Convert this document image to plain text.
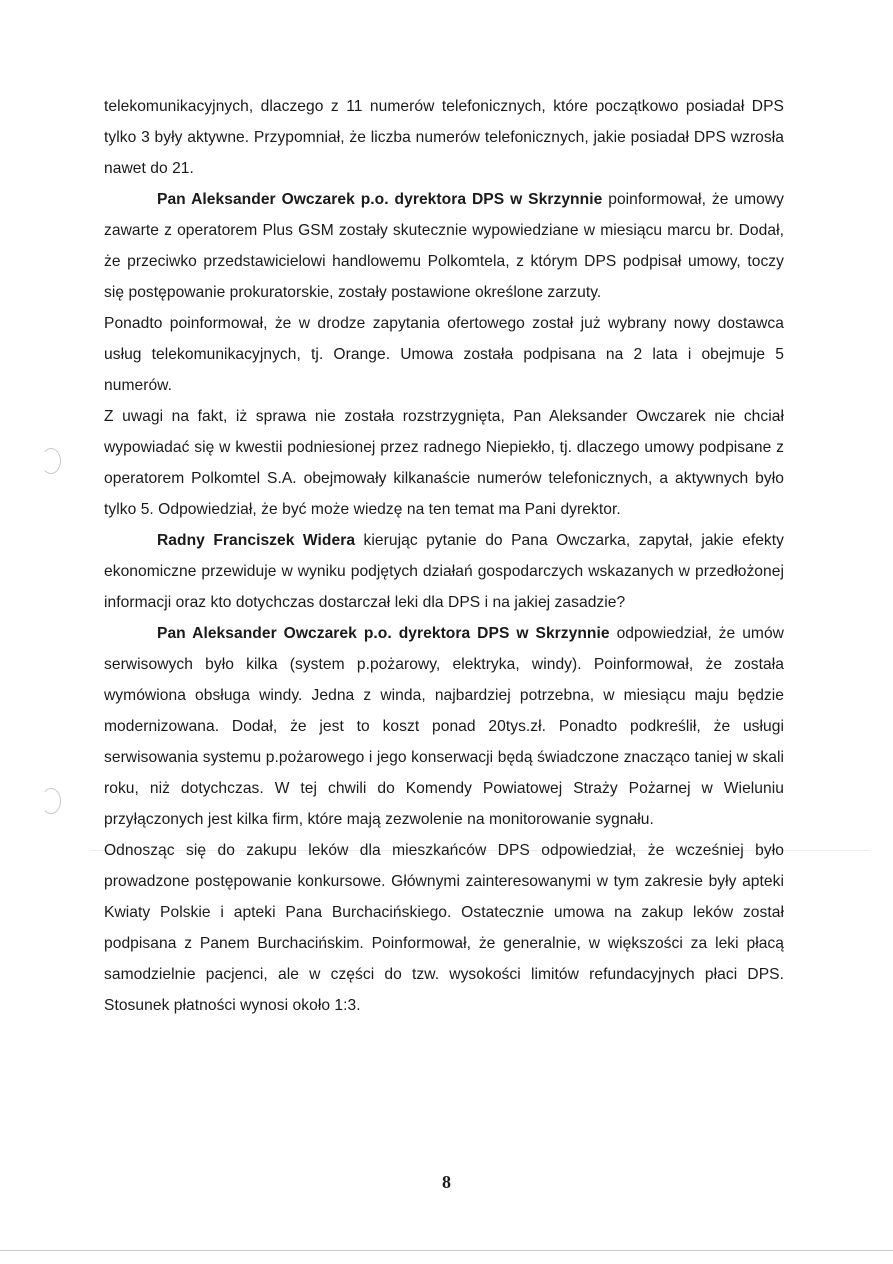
telekomunikacyjnych, dlaczego z 11 numerów telefonicznych, które początkowo posiadał DPS tylko 3 były aktywne. Przypomniał, że liczba numerów telefonicznych, jakie posiadał DPS wzrosła nawet do 21.

Pan Aleksander Owczarek p.o. dyrektora DPS w Skrzynnie poinformował, że umowy zawarte z operatorem Plus GSM zostały skutecznie wypowiedziane w miesiącu marcu br. Dodał, że przeciwko przedstawicielowi handlowemu Polkomtela, z którym DPS podpisał umowy, toczy się postępowanie prokuratorskie, zostały postawione określone zarzuty.

Ponadto poinformował, że w drodze zapytania ofertowego został już wybrany nowy dostawca usług telekomunikacyjnych, tj. Orange. Umowa została podpisana na 2 lata i obejmuje 5 numerów.

Z uwagi na fakt, iż sprawa nie została rozstrzygnięta, Pan Aleksander Owczarek nie chciał wypowiadać się w kwestii podniesionej przez radnego Niepiekło, tj. dlaczego umowy podpisane z operatorem Polkomtel S.A. obejmowały kilkanaście numerów telefonicznych, a aktywnych było tylko 5. Odpowiedział, że być może wiedzę na ten temat ma Pani dyrektor.

Radny Franciszek Widera kierując pytanie do Pana Owczarka, zapytał, jakie efekty ekonomiczne przewiduje w wyniku podjętych działań gospodarczych wskazanych w przedłożonej informacji oraz kto dotychczas dostarczał leki dla DPS i na jakiej zasadzie?

Pan Aleksander Owczarek p.o. dyrektora DPS w Skrzynnie odpowiedział, że umów serwisowych było kilka (system p.pożarowy, elektryka, windy). Poinformował, że została wymówiona obsługa windy. Jedna z winda, najbardziej potrzebna, w miesiącu maju będzie modernizowana. Dodał, że jest to koszt ponad 20tys.zł. Ponadto podkreślił, że usługi serwisowania systemu p.pożarowego i jego konserwacji będą świadczone znacząco taniej w skali roku, niż dotychczas. W tej chwili do Komendy Powiatowej Straży Pożarnej w Wieluniu przyłączonych jest kilka firm, które mają zezwolenie na monitorowanie sygnału.

Odnosząc się do zakupu leków dla mieszkańców DPS odpowiedział, że wcześniej było prowadzone postępowanie konkursowe. Głównymi zainteresowanymi w tym zakresie były apteki Kwiaty Polskie i apteki Pana Burchacińskiego. Ostatecznie umowa na zakup leków został podpisana z Panem Burchacińskim. Poinformował, że generalnie, w większości za leki płacą samodzielnie pacjenci, ale w części do tzw. wysokości limitów refundacyjnych płaci DPS. Stosunek płatności wynosi około 1:3.

8
